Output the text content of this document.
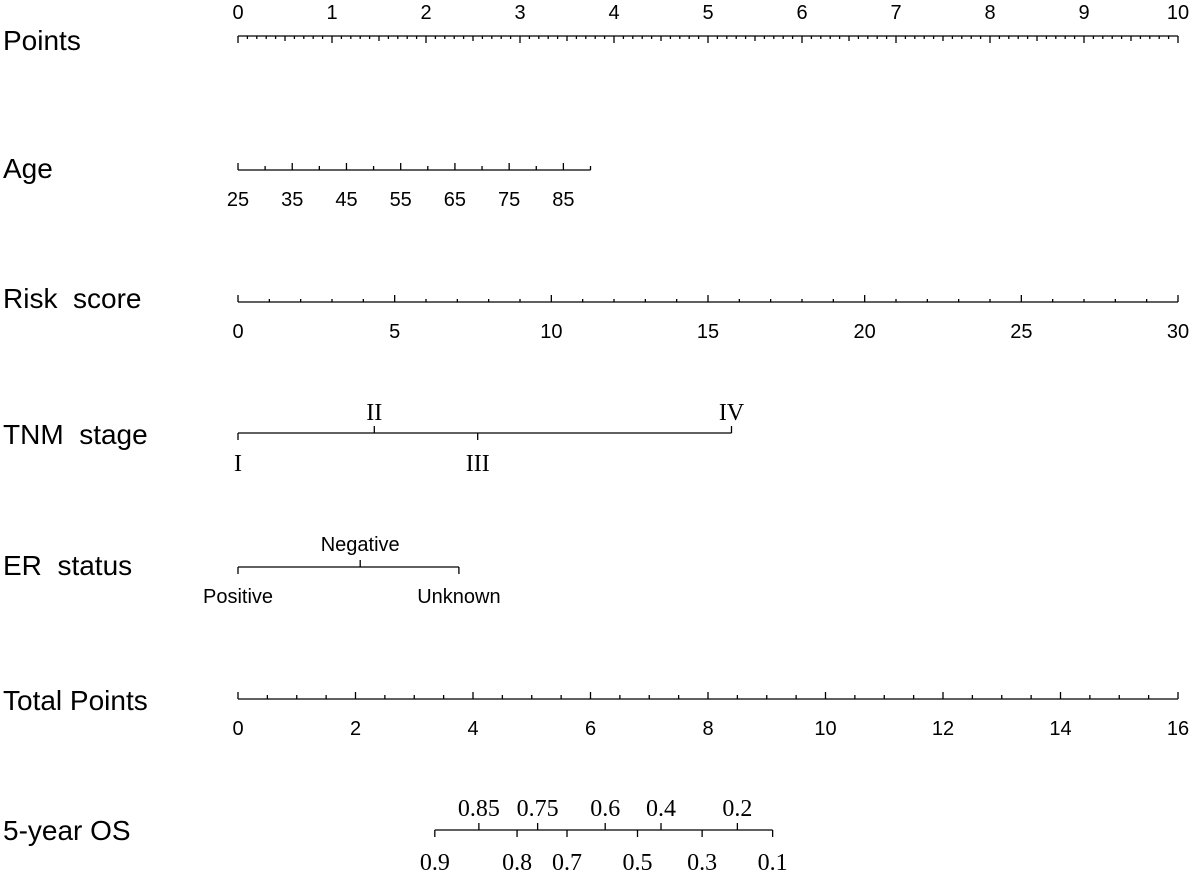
Points
0	1	2	3	4	5	6	7	8	9	10
Age
25 35 45 55 65 75 85
Risk  score
0	5	10	15	20	25	30
TNM  stage
I
II
III
IV
ER  status
Positive
Negative
Unknown
Total Points
0	2	4	6	8	10	12	14	16
5-year OS
0.9
0.85
0.8
0.75
0.7
0.6
0.5
0.4
0.3
0.2
0.1
